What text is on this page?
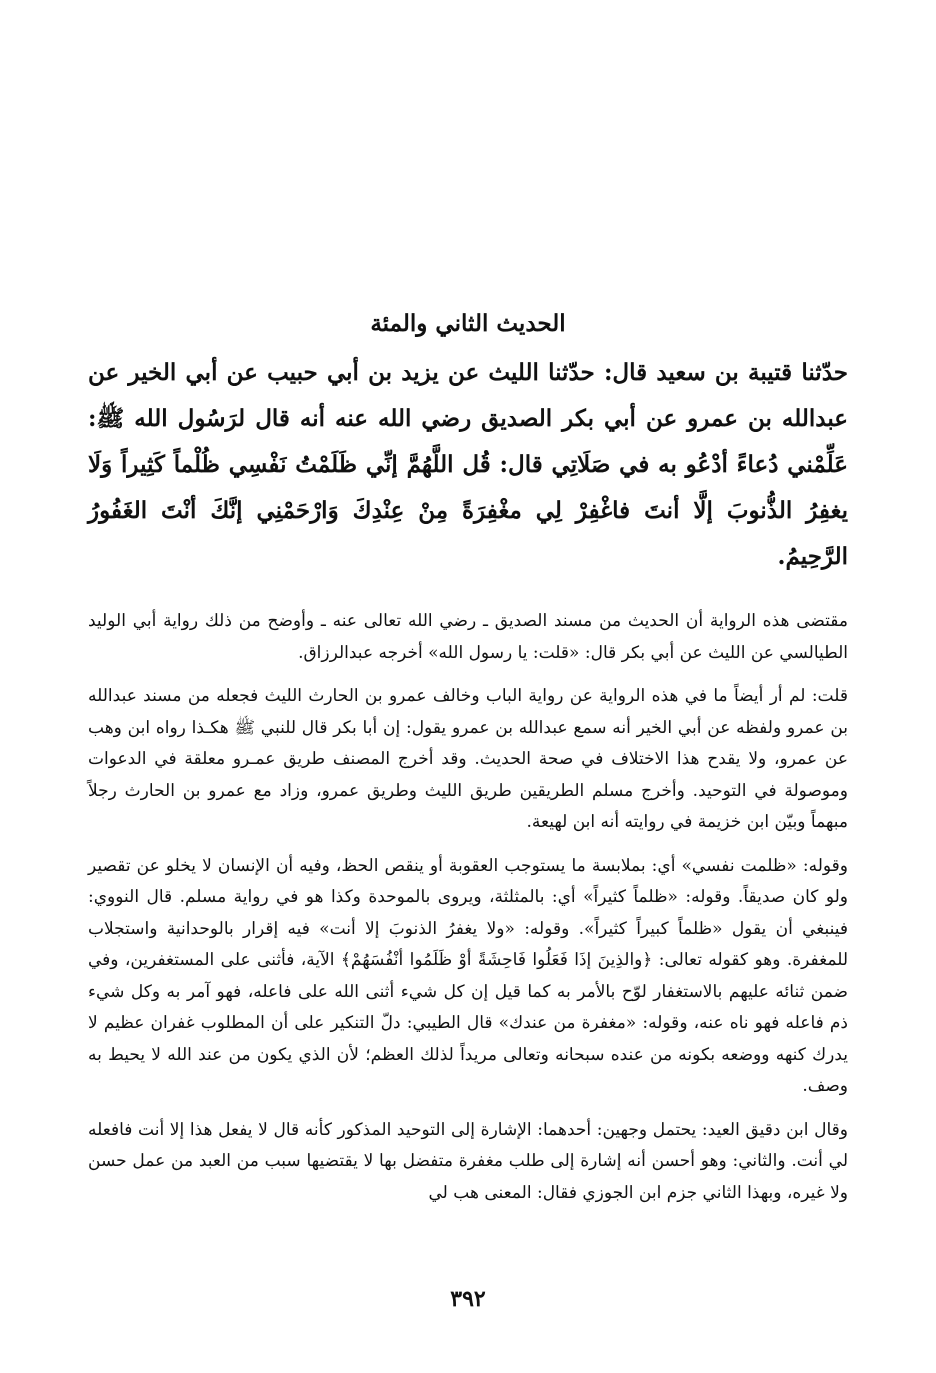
الحديث الثاني والمئة

حدّثنا قتيبة بن سعيد قال: حدّثنا الليث عن يزيد بن أبي حبيب عن أبي الخير عن عبدالله بن عمرو عن أبي بكر الصديق رضي الله عنه أنه قال لرَسُول الله ﷺ: عَلِّمْني دُعاءً أدْعُو به في صَلَاتِي قال: قُل اللَّهُمَّ إنِّي ظَلَمْتُ نَفْسِي ظُلْماً كَثِيراً وَلَا يغفِرُ الذُّنوبَ إلَّا أنتَ فاغْفِرْ لِي مغْفِرَةً مِنْ عِنْدِكَ وَارْحَمْنِي إنَّكَ أنْتَ الغَفُورُ الرَّحِيمُ.

مقتضى هذه الرواية أن الحديث من مسند الصديق ـ رضي الله تعالى عنه ـ وأوضح من ذلك رواية أبي الوليد الطيالسي عن الليث عن أبي بكر قال: «قلت: يا رسول الله» أخرجه عبدالرزاق.

قلت: لم أر أيضاً ما في هذه الرواية عن رواية الباب وخالف عمرو بن الحارث الليث فجعله من مسند عبدالله بن عمرو ولفظه عن أبي الخير أنه سمع عبدالله بن عمرو يقول: إن أبا بكر قال للنبي ﷺ هكـذا رواه ابن وهب عن عمرو، ولا يقدح هذا الاختلاف في صحة الحديث. وقد أخرج المصنف طريق عمـرو معلقة في الدعوات وموصولة في التوحيد. وأخرج مسلم الطريقين طريق الليث وطريق عمرو، وزاد مع عمرو بن الحارث رجلاً مبهماً وبيّن ابن خزيمة في روايته أنه ابن لهيعة.

وقوله: «ظلمت نفسي» أي: بملابسة ما يستوجب العقوبة أو ينقص الحظ، وفيه أن الإنسان لا يخلو عن تقصير ولو كان صديقاً. وقوله: «ظلماً كثيراً» أي: بالمثلثة، ويروى بالموحدة وكذا هو في رواية مسلم. قال النووي: فينبغي أن يقول «ظلماً كبيراً كثيراً». وقوله: «ولا يغفرُ الذنوبَ إلا أنت» فيه إقرار بالوحدانية واستجلاب للمغفرة. وهو كقوله تعالى: ﴿والذِينَ إذَا فَعَلُوا فَاحِشَةً أوْ ظَلَمُوا أنْفُسَهُمْ﴾ الآية، فأثنى على المستغفرين، وفي ضمن ثنائه عليهم بالاستغفار لوّح بالأمر به كما قيل إن كل شيء أثنى الله على فاعله، فهو آمر به وكل شيء ذم فاعله فهو ناه عنه، وقوله: «مغفرة من عندك» قال الطيبي: دلّ التنكير على أن المطلوب غفران عظيم لا يدرك كنهه ووضعه بكونه من عنده سبحانه وتعالى مريداً لذلك العظم؛ لأن الذي يكون من عند الله لا يحيط به وصف.

وقال ابن دقيق العيد: يحتمل وجهين: أحدهما: الإشارة إلى التوحيد المذكور كأنه قال لا يفعل هذا إلا أنت فافعله لي أنت. والثاني: وهو أحسن أنه إشارة إلى طلب مغفرة متفضل بها لا يقتضيها سبب من العبد من عمل حسن ولا غيره، وبهذا الثاني جزم ابن الجوزي فقال: المعنى هب لي

٣٩٢
